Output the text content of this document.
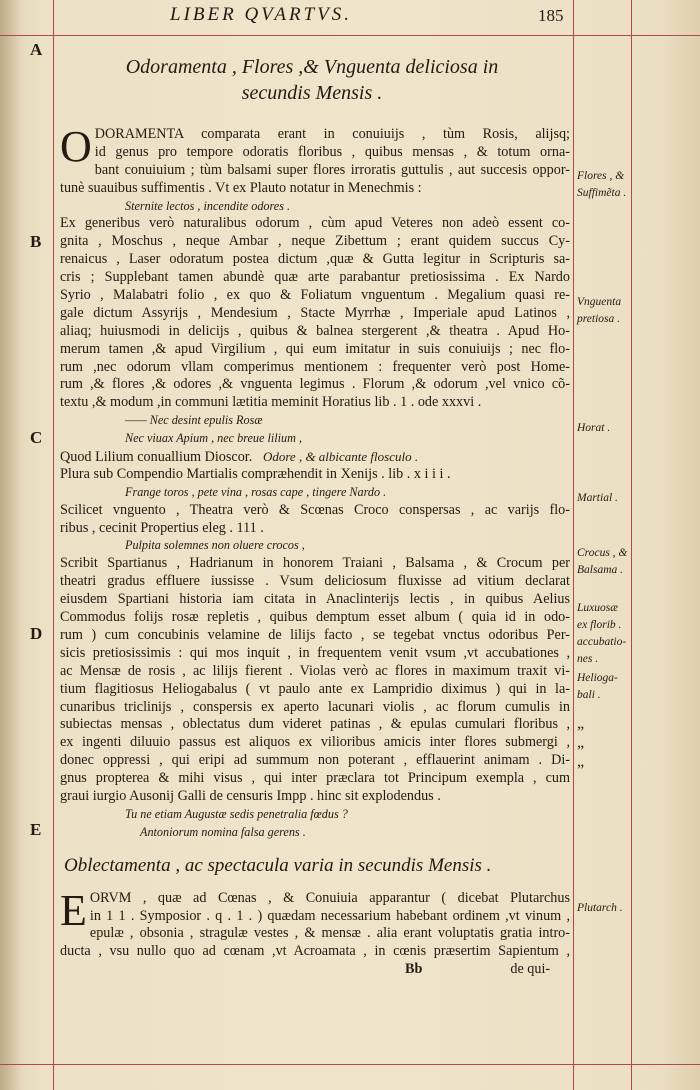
LIBER QVARTVS.	185
A
B
C
D
E
Odoramenta , Flores ,& Vnguenta deliciosa in
secundis Mensis .
O DORAMENTA comparata erant in conuiuijs , tùm Rosis, alijsq;
id genus pro tempore odoratis floribus , quibus mensas , & totum orna-
bant conuiuium ; tùm balsami super flores irroratis guttulis , aut succesis oppor-
tunè suauibus suffimentis . Vt ex Plauto notatur in Menechmis :
Sternite lectos , incendite odores .
Ex generibus verò naturalibus odorum , cùm apud Veteres non adeò essent co-
gnita , Moschus , neque Ambar , neque Zibettum ; erant quidem succus Cy-
renaicus , Laser odoratum postea dictum ,quæ & Gutta legitur in Scripturis sa-
cris ; Supplebant tamen abundè quæ arte parabantur pretiosissima . Ex Nardo
Syrio , Malabatri folio , ex quo & Foliatum vnguentum . Megalium quasi re-
gale dictum Assyrijs , Mendesium , Stacte Myrrhæ , Imperiale apud Latinos ,
aliaq; huiusmodi in delicijs , quibus & balnea stergerent ,& theatra . Apud Ho-
merum tamen ,& apud Virgilium , qui eum imitatur in suis conuiuijs ; nec flo-
rum ,nec odorum vllam comperimus mentionem : frequenter verò post Home-
rum ,& flores ,& odores ,& vnguenta legimus . Florum ,& odorum ,vel vnico cõ-
textu ,& modum ,in communi lætitia meminit Horatius lib . 1 . ode xxxvi .
—— Nec desint epulis Rosæ
Nec viuax Apium , nec breue lilium ,
Quod Lilium conuallium Dioscor. Odore , & albicante flosculo .
Plura sub Compendio Martialis compræhendit in Xenijs . lib . x i i i .
Frange toros , pete vina , rosas cape , tingere Nardo .
Scilicet vnguento , Theatra verò & Scœnas Croco conspersas , ac varijs flo-
ribus , cecinit Propertius eleg . 111 .
Pulpita solemnes non oluere crocos ,
Scribit Spartianus , Hadrianum in honorem Traiani , Balsama , & Crocum per
theatri gradus effluere iussisse . Vsum deliciosum fluxisse ad vitium declarat
eiusdem Spartiani historia iam citata in Anaclinterijs lectis , in quibus Aelius
Commodus folijs rosæ repletis , quibus demptum esset album ( quia id in odo-
rum ) cum concubinis velamine de lilijs facto , se tegebat vnctus odoribus Per-
sicis pretiosissimis : qui mos inquit , in frequentem venit vsum ,vt accubationes ,
ac Mensæ de rosis , ac lilijs fierent . Violas verò ac flores in maximum traxit vi-
tium flagitiosus Heliogabalus ( vt paulo ante ex Lampridio diximus ) qui in la-
cunaribus triclinijs , conspersis ex aperto lacunari violis , ac florum cumulis in
subiectas mensas , oblectatus dum videret patinas , & epulas cumulari floribus ,
ex ingenti diluuio passus est aliquos ex vilioribus amicis inter flores submergi ,
donec oppressi , qui eripi ad summum non poterant , efflauerint animam . Di-
gnus propterea & mihi visus , qui inter præclara tot Principum exempla , cum
graui iurgio Ausonij Galli de censuris Impp . hinc sit explodendus .
Tu ne etiam Augustæ sedis penetralia fœdus ?
Antoniorum nomina falsa gerens .
Oblectamenta , ac spectacula varia in secundis Mensis .
E ORVM , quæ ad Cœnas , & Conuiuia apparantur ( dicebat Plutarchus
in 1 1 . Symposior . q . 1 . ) quædam necessarium habebant ordinem ,vt vinum ,
epulæ , obsonia , stragulæ vestes , & mensæ . alia erant voluptatis gratia intro-
ducta , vsu nullo quo ad cœnam ,vt Acroamata , in cœnis præsertim Sapientum ,
Bb	de qui-
Flores , &
Suffimẽta .
Vnguenta
pretiosa .
Horat .
Martial .
Crocus , &
Balsama .
Luxuosæ
ex florib .
accubatio-
nes .
Helioga-
bali .
„
„
„
Plutarch .
